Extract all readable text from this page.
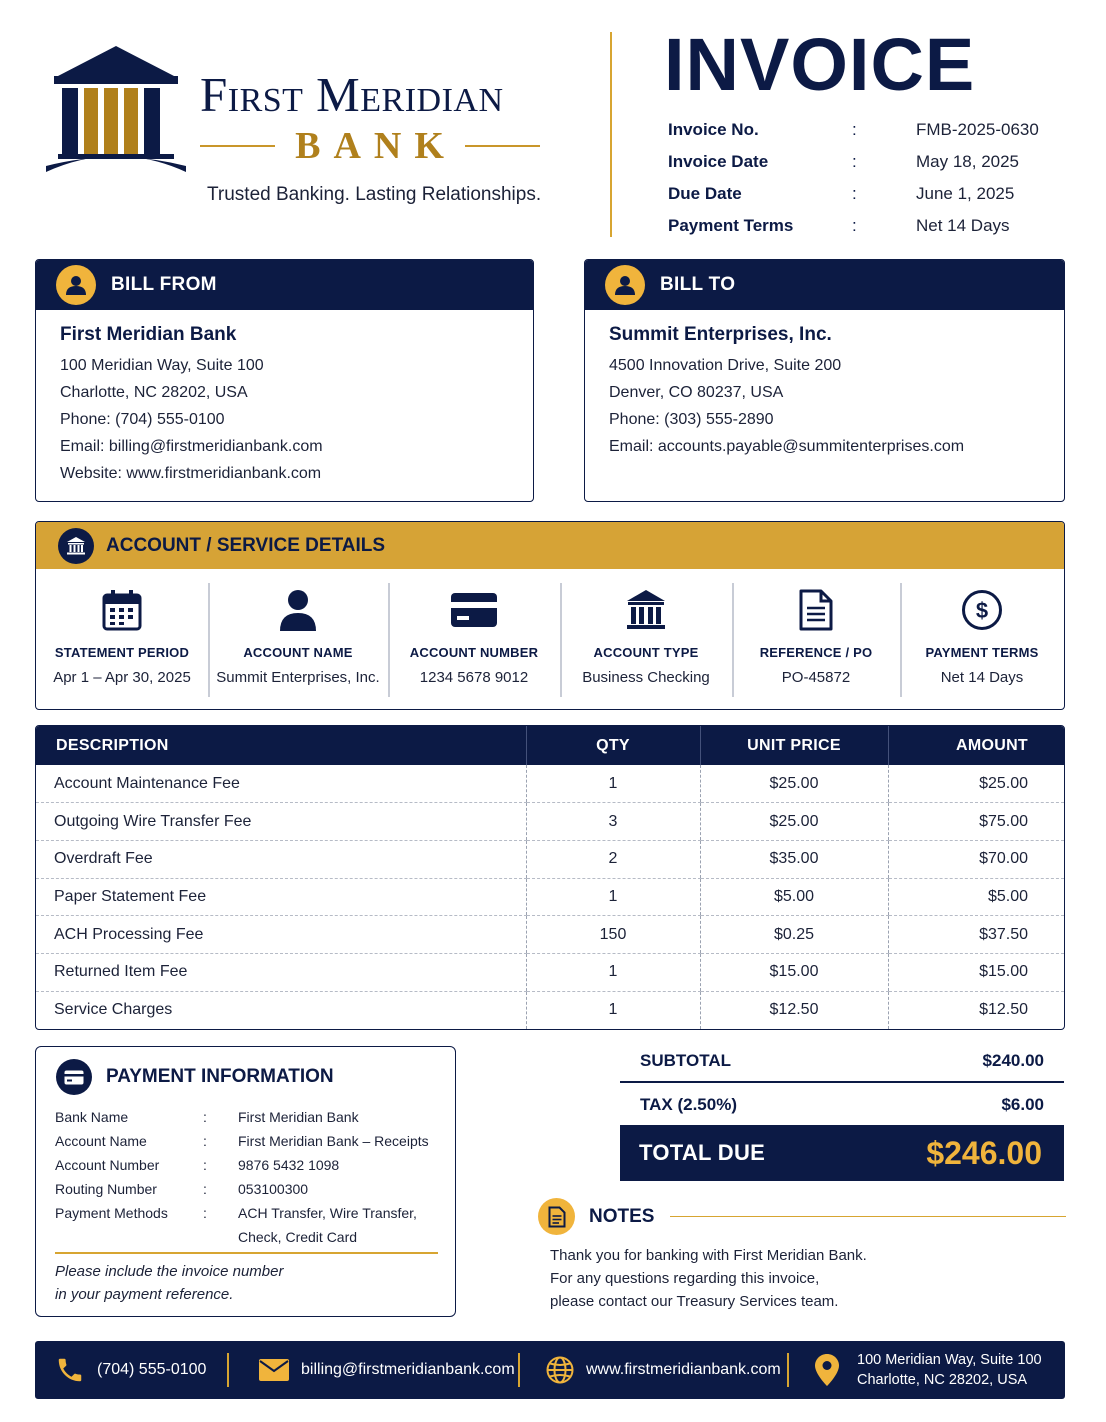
First Meridian
BANK
Trusted Banking. Lasting Relationships.
INVOICE
Invoice No.	:	FMB-2025-0630
Invoice Date	:	May 18, 2025
Due Date	:	June 1, 2025
Payment Terms	:	Net 14 Days
BILL FROM
First Meridian Bank
100 Meridian Way, Suite 100
Charlotte, NC 28202, USA
Phone: (704) 555-0100
Email: billing@firstmeridianbank.com
Website: www.firstmeridianbank.com
BILL TO
Summit Enterprises, Inc.
4500 Innovation Drive, Suite 200
Denver, CO 80237, USA
Phone: (303) 555-2890
Email: accounts.payable@summitenterprises.com
ACCOUNT / SERVICE DETAILS
STATEMENT PERIOD
Apr 1 – Apr 30, 2025
ACCOUNT NAME
Summit Enterprises, Inc.
ACCOUNT NUMBER
1234 5678 9012
ACCOUNT TYPE
Business Checking
REFERENCE / PO
PO-45872
$
PAYMENT TERMS
Net 14 Days
DESCRIPTION	QTY	UNIT PRICE	AMOUNT
Account Maintenance Fee	1	$25.00	$25.00
Outgoing Wire Transfer Fee	3	$25.00	$75.00
Overdraft Fee	2	$35.00	$70.00
Paper Statement Fee	1	$5.00	$5.00
ACH Processing Fee	150	$0.25	$37.50
Returned Item Fee	1	$15.00	$15.00
Service Charges	1	$12.50	$12.50
PAYMENT INFORMATION
Bank Name	:	First Meridian Bank
Account Name	:	First Meridian Bank – Receipts
Account Number	:	9876 5432 1098
Routing Number	:	053100300
Payment Methods	:	ACH Transfer, Wire Transfer, Check, Credit Card
Please include the invoice number
in your payment reference.
SUBTOTAL	$240.00
TAX (2.50%)	$6.00
TOTAL DUE	$246.00
NOTES
Thank you for banking with First Meridian Bank.
For any questions regarding this invoice,
please contact our Treasury Services team.
(704) 555-0100	billing@firstmeridianbank.com	www.firstmeridianbank.com
100 Meridian Way, Suite 100
Charlotte, NC 28202, USA
